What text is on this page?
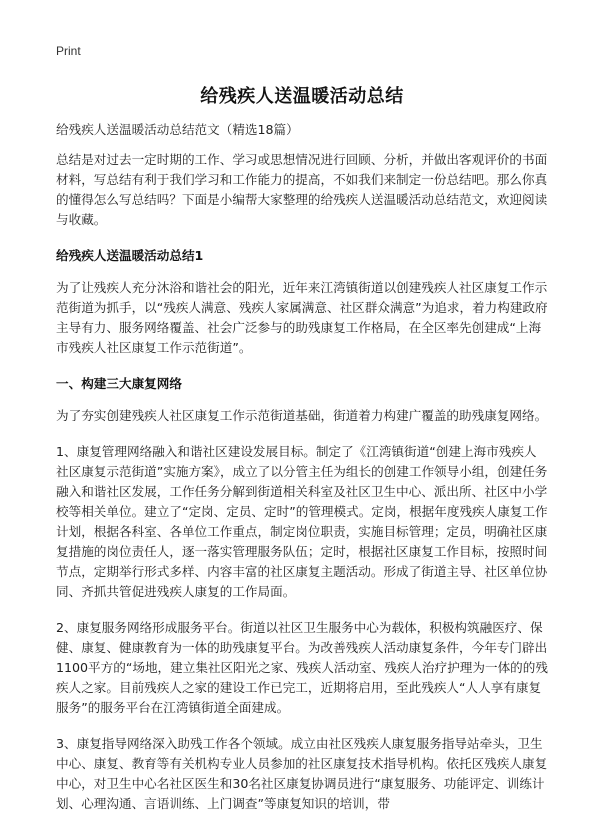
Print
给残疾人送温暖活动总结

给残疾人送温暖活动总结范文（精选18篇）

总结是对过去一定时期的工作、学习或思想情况进行回顾、分析，并做出客观评价的书面材料，写总结有利于我们学习和工作能力的提高，不如我们来制定一份总结吧。那么你真的懂得怎么写总结吗？下面是小编帮大家整理的给残疾人送温暖活动总结范文，欢迎阅读与收藏。

给残疾人送温暖活动总结1

为了让残疾人充分沐浴和谐社会的阳光，近年来江湾镇街道以创建残疾人社区康复工作示范街道为抓手，以“残疾人满意、残疾人家属满意、社区群众满意”为追求，着力构建政府主导有力、服务网络覆盖、社会广泛参与的助残康复工作格局，在全区率先创建成“上海市残疾人社区康复工作示范街道”。

一、构建三大康复网络

为了夯实创建残疾人社区康复工作示范街道基础，街道着力构建广覆盖的助残康复网络。

1、康复管理网络融入和谐社区建设发展目标。制定了《江湾镇街道“创建上海市残疾人社区康复示范街道”实施方案》，成立了以分管主任为组长的创建工作领导小组，创建任务融入和谐社区发展，工作任务分解到街道相关科室及社区卫生中心、派出所、社区中小学校等相关单位。建立了“定岗、定员、定时”的管理模式。定岗，根据年度残疾人康复工作计划，根据各科室、各单位工作重点，制定岗位职责，实施目标管理；定员，明确社区康复措施的岗位责任人，逐一落实管理服务队伍；定时，根据社区康复工作目标，按照时间节点，定期举行形式多样、内容丰富的社区康复主题活动。形成了街道主导、社区单位协同、齐抓共管促进残疾人康复的工作局面。

2、康复服务网络形成服务平台。街道以社区卫生服务中心为载体，积极构筑融医疗、保健、康复、健康教育为一体的助残康复平台。为改善残疾人活动康复条件，今年专门辟出1100平方的“场地，建立集社区阳光之家、残疾人活动室、残疾人治疗护理为一体的的残疾人之家。目前残疾人之家的建设工作已完工，近期将启用，至此残疾人“人人享有康复服务”的服务平台在江湾镇街道全面建成。

3、康复指导网络深入助残工作各个领域。成立由社区残疾人康复服务指导站牵头，卫生中心、康复、教育等有关机构专业人员参加的社区康复技术指导机构。依托区残疾人康复中心，对卫生中心名社区医生和30名社区康复协调员进行“康复服务、功能评定、训练计划、心理沟通、言语训练、上门调查”等康复知识的培训，带
